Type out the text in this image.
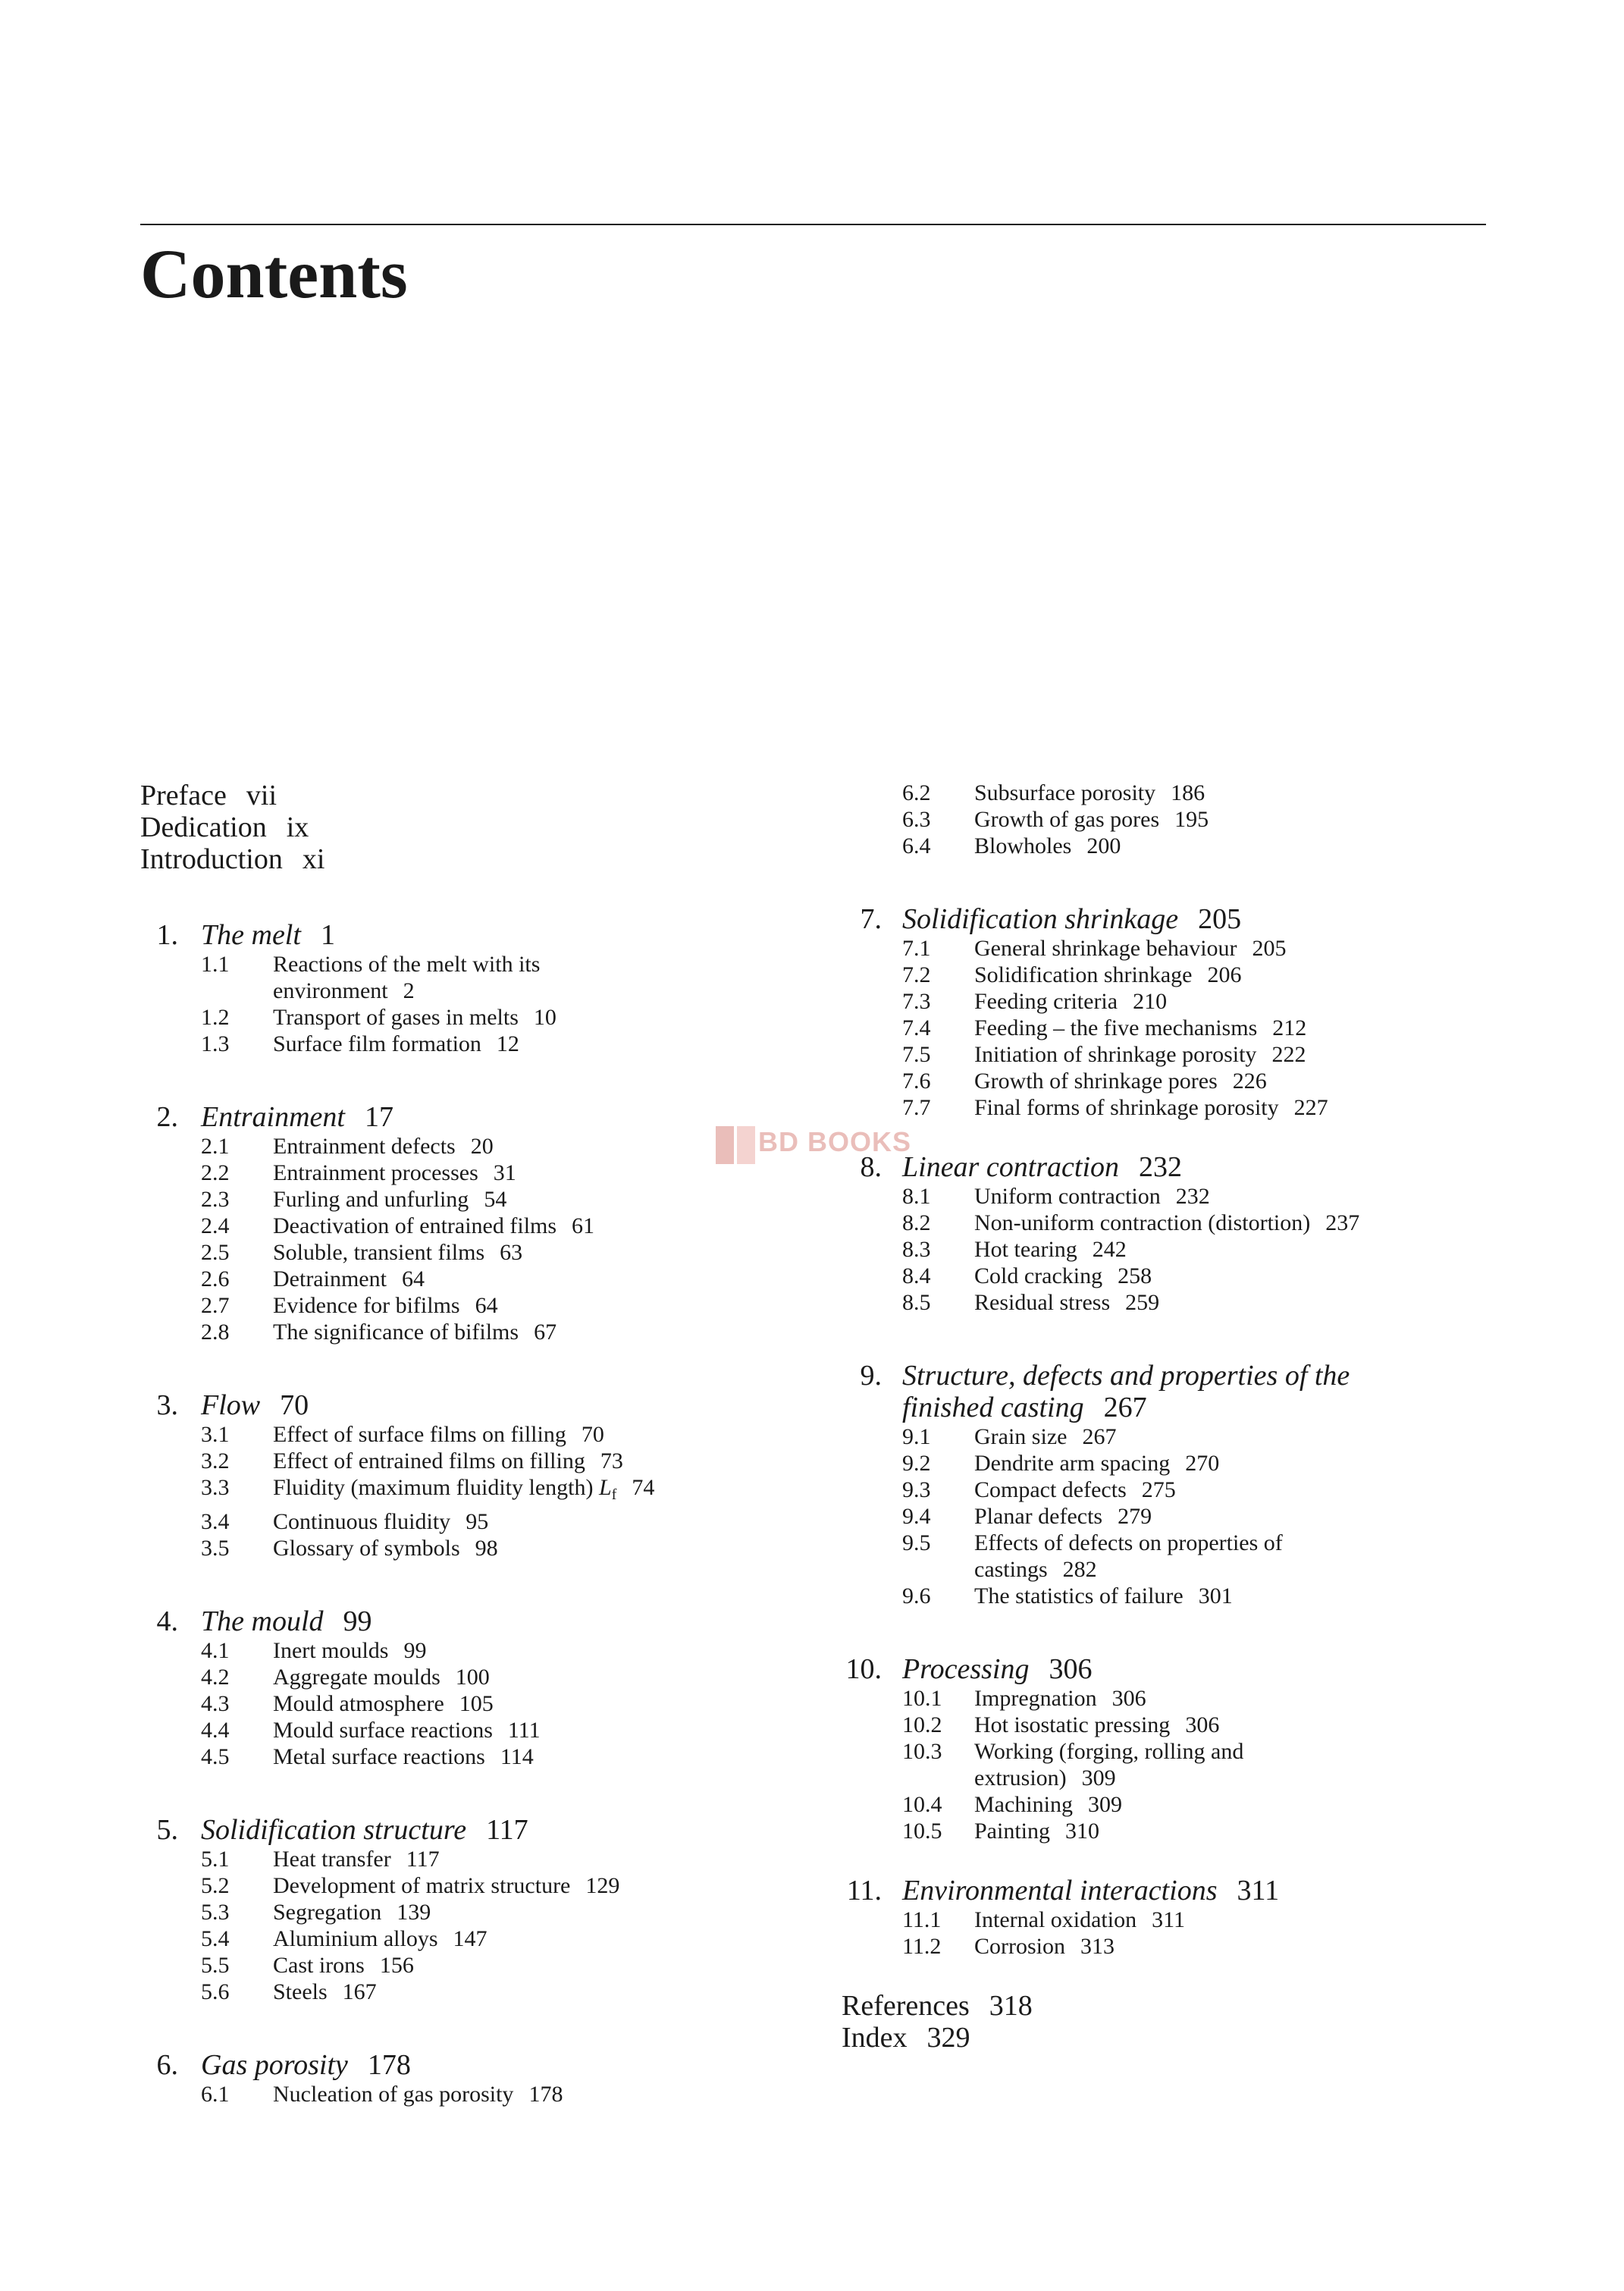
Contents
Preface vii
Dedication ix
Introduction xi
1. The melt 1
1.1 Reactions of the melt with its environment 2
1.2 Transport of gases in melts 10
1.3 Surface film formation 12
2. Entrainment 17
2.1 Entrainment defects 20
2.2 Entrainment processes 31
2.3 Furling and unfurling 54
2.4 Deactivation of entrained films 61
2.5 Soluble, transient films 63
2.6 Detrainment 64
2.7 Evidence for bifilms 64
2.8 The significance of bifilms 67
3. Flow 70
3.1 Effect of surface films on filling 70
3.2 Effect of entrained films on filling 73
3.3 Fluidity (maximum fluidity length) $L_f$ 74
3.4 Continuous fluidity 95
3.5 Glossary of symbols 98
4. The mould 99
4.1 Inert moulds 99
4.2 Aggregate moulds 100
4.3 Mould atmosphere 105
4.4 Mould surface reactions 111
4.5 Metal surface reactions 114
5. Solidification structure 117
5.1 Heat transfer 117
5.2 Development of matrix structure 129
5.3 Segregation 139
5.4 Aluminium alloys 147
5.5 Cast irons 156
5.6 Steels 167
6. Gas porosity 178
6.1 Nucleation of gas porosity 178
6.2 Subsurface porosity 186
6.3 Growth of gas pores 195
6.4 Blowholes 200
7. Solidification shrinkage 205
7.1 General shrinkage behaviour 205
7.2 Solidification shrinkage 206
7.3 Feeding criteria 210
7.4 Feeding – the five mechanisms 212
7.5 Initiation of shrinkage porosity 222
7.6 Growth of shrinkage pores 226
7.7 Final forms of shrinkage porosity 227
8. Linear contraction 232
8.1 Uniform contraction 232
8.2 Non-uniform contraction (distortion) 237
8.3 Hot tearing 242
8.4 Cold cracking 258
8.5 Residual stress 259
9. Structure, defects and properties of the
finished casting 267
9.1 Grain size 267
9.2 Dendrite arm spacing 270
9.3 Compact defects 275
9.4 Planar defects 279
9.5 Effects of defects on properties of castings 282
9.6 The statistics of failure 301
10. Processing 306
10.1 Impregnation 306
10.2 Hot isostatic pressing 306
10.3 Working (forging, rolling and extrusion) 309
10.4 Machining 309
10.5 Painting 310
11. Environmental interactions 311
11.1 Internal oxidation 311
11.2 Corrosion 313
References 318
Index 329
BD BOOKS
